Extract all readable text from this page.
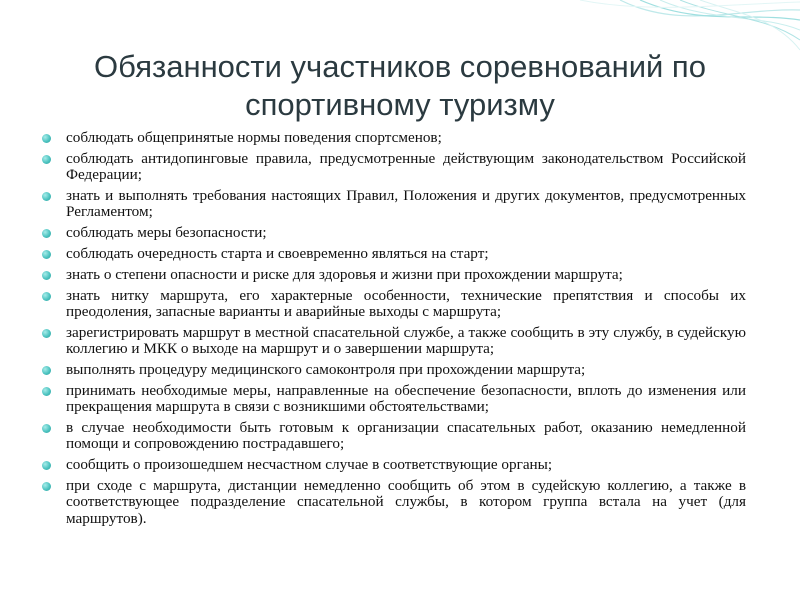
Обязанности участников соревнований по спортивному туризму
соблюдать общепринятые нормы поведения спортсменов;
соблюдать антидопинговые правила, предусмотренные действующим законодательством Российской Федерации;
знать и выполнять требования настоящих Правил, Положения и других документов, предусмотренных Регламентом;
соблюдать меры безопасности;
соблюдать очередность старта и своевременно являться на старт;
знать о степени опасности и риске для здоровья и жизни при прохождении маршрута;
знать нитку маршрута, его характерные особенности, технические препятствия и способы их преодоления, запасные варианты и аварийные выходы с маршрута;
зарегистрировать маршрут в местной спасательной службе, а также сообщить в эту службу, в судейскую коллегию и МКК о выходе на маршрут и о завершении маршрута;
выполнять процедуру медицинского самоконтроля при прохождении маршрута;
принимать необходимые меры, направленные на обеспечение безопасности, вплоть до изменения или прекращения маршрута в связи с возникшими обстоятельствами;
в случае необходимости быть готовым к организации спасательных работ, оказанию немедленной помощи и сопровождению пострадавшего;
сообщить о произошедшем несчастном случае в соответствующие органы;
при сходе с маршрута, дистанции немедленно сообщить об этом в судейскую коллегию, а также в соответствующее подразделение спасательной службы, в котором группа встала на учет (для маршрутов).
